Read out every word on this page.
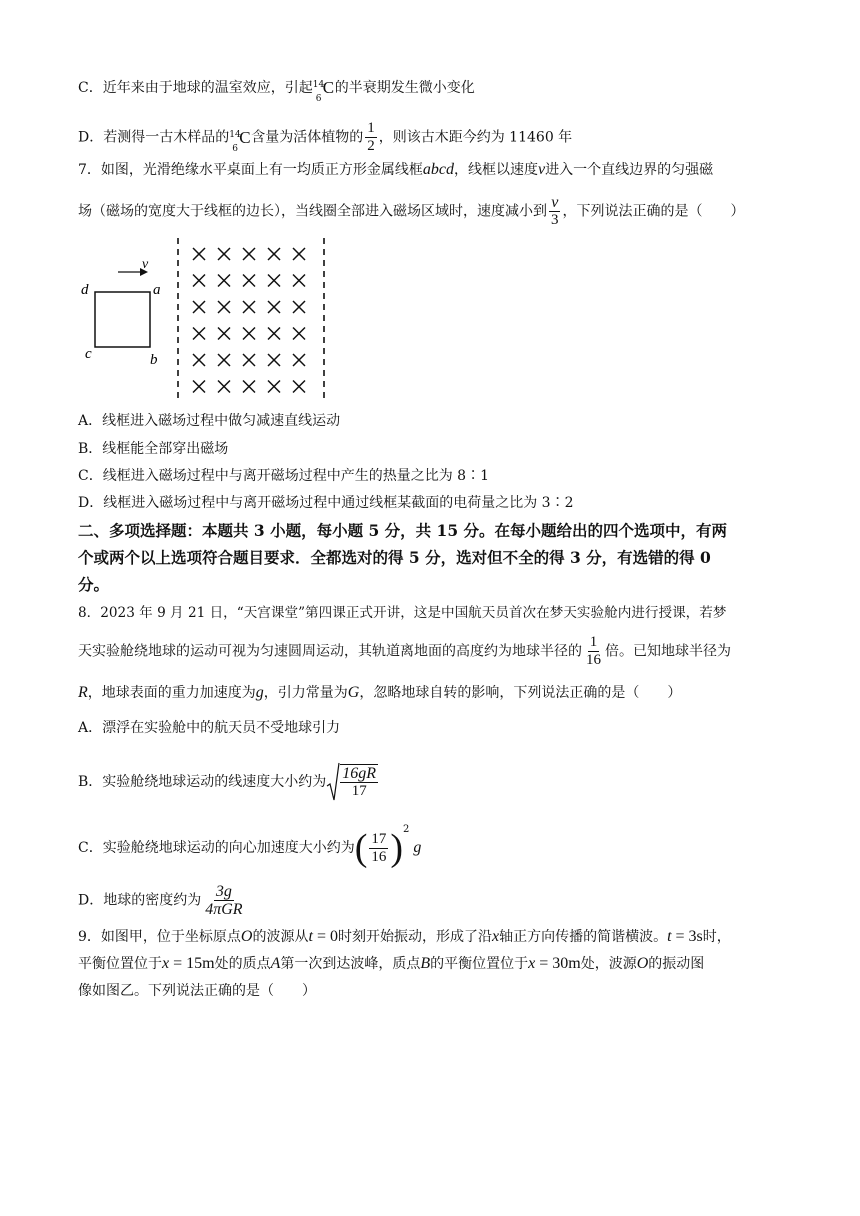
C．近年来由于地球的温室效应，引起 14
6
C 的半衰期发生微小变化
D．若测得一古木样品的 14
6
C 含量为活体植物的 $\frac{1}{2}$ ，则该古木距今约为 11460 年
7．如图，光滑绝缘水平桌面上有一均质正方形金属线框abcd，线框以速度v进入一个直线边界的匀强磁
场（磁场的宽度大于线框的边长），当线圈全部进入磁场区域时，速度减小到 $\frac{v}{3}$ ，下列说法正确的是（　　）
v
d	a
c	b
A．线框进入磁场过程中做匀减速直线运动
B．线框能全部穿出磁场
C．线框进入磁场过程中与离开磁场过程中产生的热量之比为 8∶1
D．线框进入磁场过程中与离开磁场过程中通过线框某截面的电荷量之比为 3∶2
二、多项选择题：本题共 3 小题，每小题 5 分，共 15 分。在每小题给出的四个选项中，有两
个或两个以上选项符合题目要求．全都选对的得 5 分，选对但不全的得 3 分，有选错的得 0
分。
8．2023 年 9 月 21 日，“天宫课堂”第四课正式开讲，这是中国航天员首次在梦天实验舱内进行授课，若梦
天实验舱绕地球的运动可视为匀速圆周运动，其轨道离地面的高度约为地球半径的 $\frac{1}{16}$ 倍。已知地球半径为
R，地球表面的重力加速度为g，引力常量为G，忽略地球自转的影响，下列说法正确的是（　　）
A．漂浮在实验舱中的航天员不受地球引力
B．实验舱绕地球运动的线速度大小约为 $\frac{16gR}{17}$
C．实验舱绕地球运动的向心加速度大小约为( $\frac{17}{16} )^2g$
D．地球的密度约为 $\frac{3g}{\text{4πGR}}$
9．如图甲，位于坐标原点O的波源从t = 0时刻开始振动，形成了沿x轴正方向传播的简谐横波。t = 3s时，
平衡位置位于x = 15m处的质点A第一次到达波峰，质点B的平衡位置位于x = 30m处，波源O的振动图
像如图乙。下列说法正确的是（　　）
